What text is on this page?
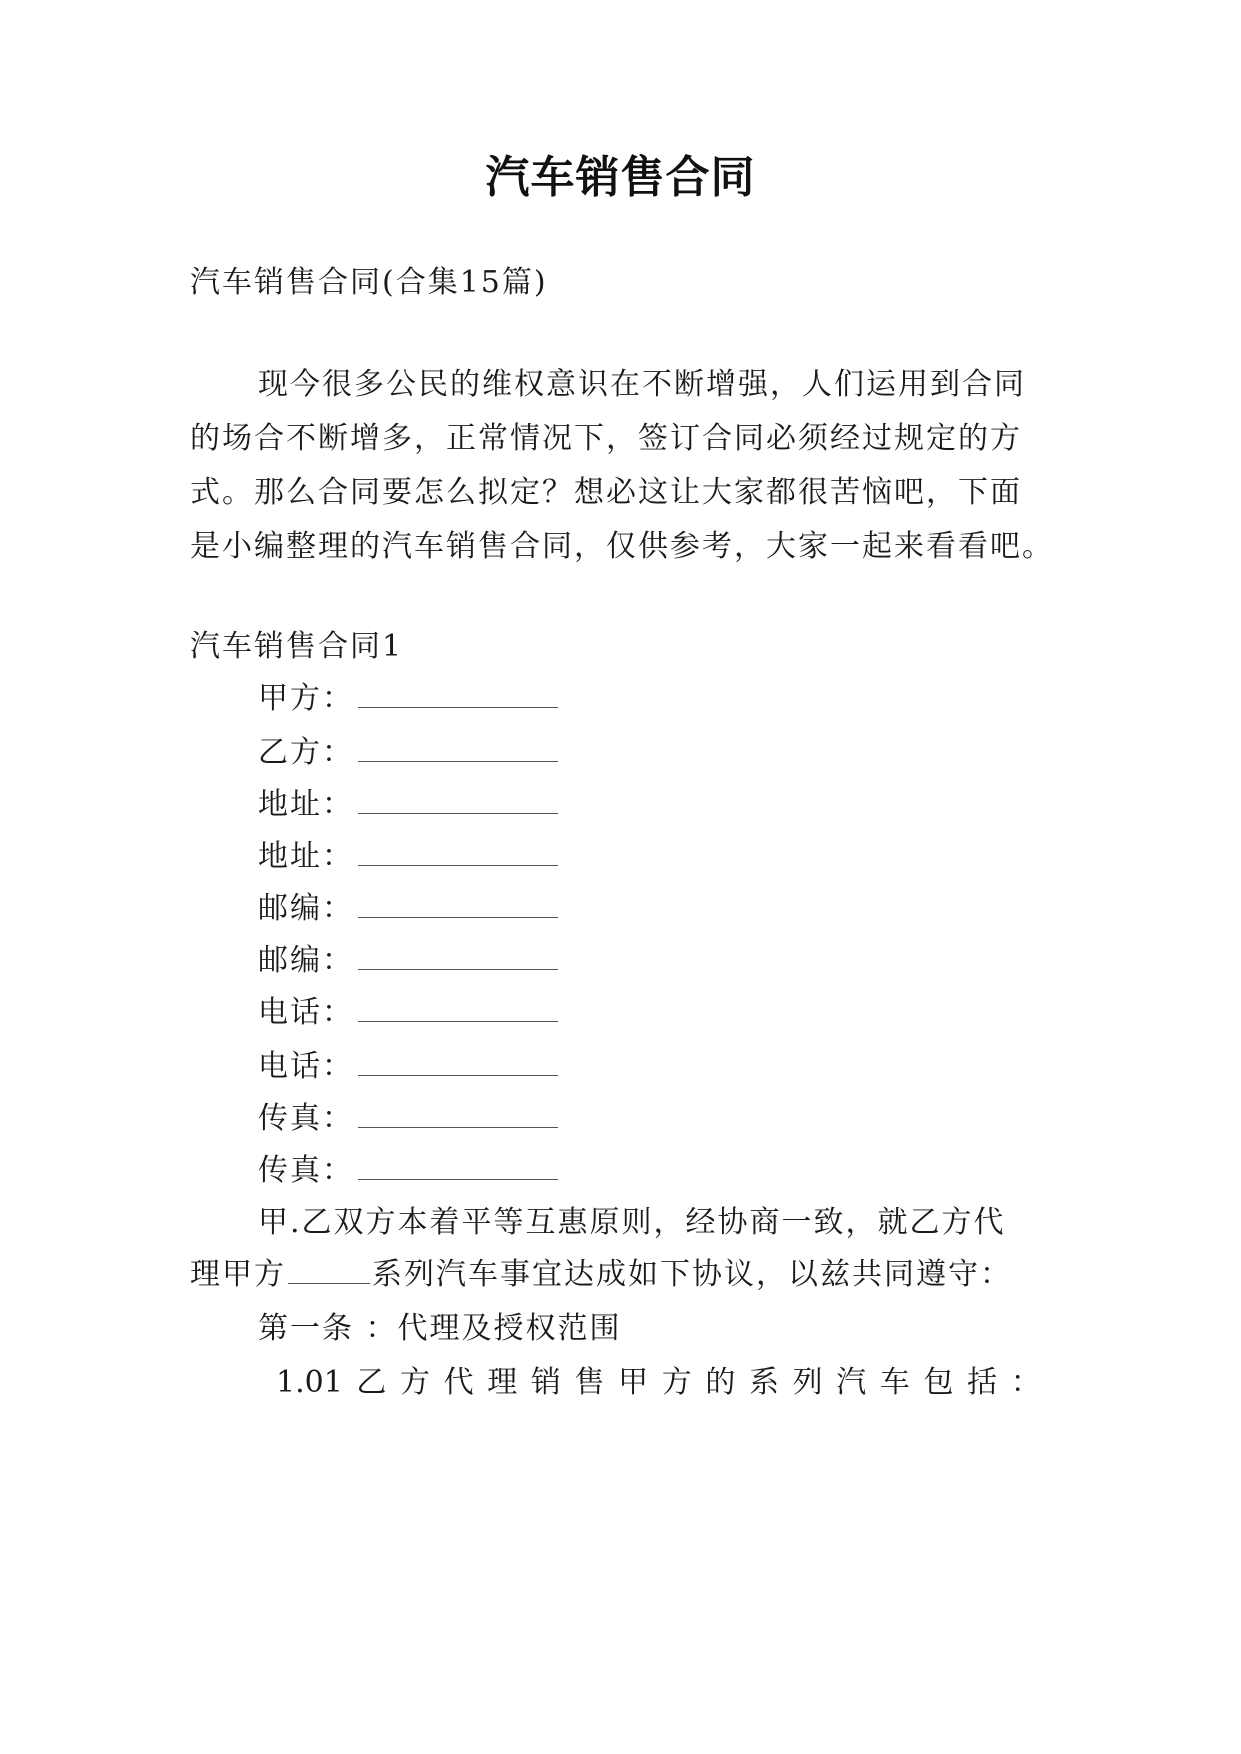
汽车销售合同
汽车销售合同(合集15篇)
现今很多公民的维权意识在不断增强，人们运用到合同
的场合不断增多，正常情况下，签订合同必须经过规定的方
式。那么合同要怎么拟定？想必这让大家都很苦恼吧，下面
是小编整理的汽车销售合同，仅供参考，大家一起来看看吧。
汽车销售合同1
甲方：
乙方：
地址：
地址：
邮编：
邮编：
电话：
电话：
传真：
传真：
甲.乙双方本着平等互惠原则，经协商一致，就乙方代
理甲方	系列汽车事宜达成如下协议，以兹共同遵守：
第一条 ：代理及授权范围
1.01 乙 方 代 理 销 售 甲 方 的 系 列 汽 车 包 括 ：
